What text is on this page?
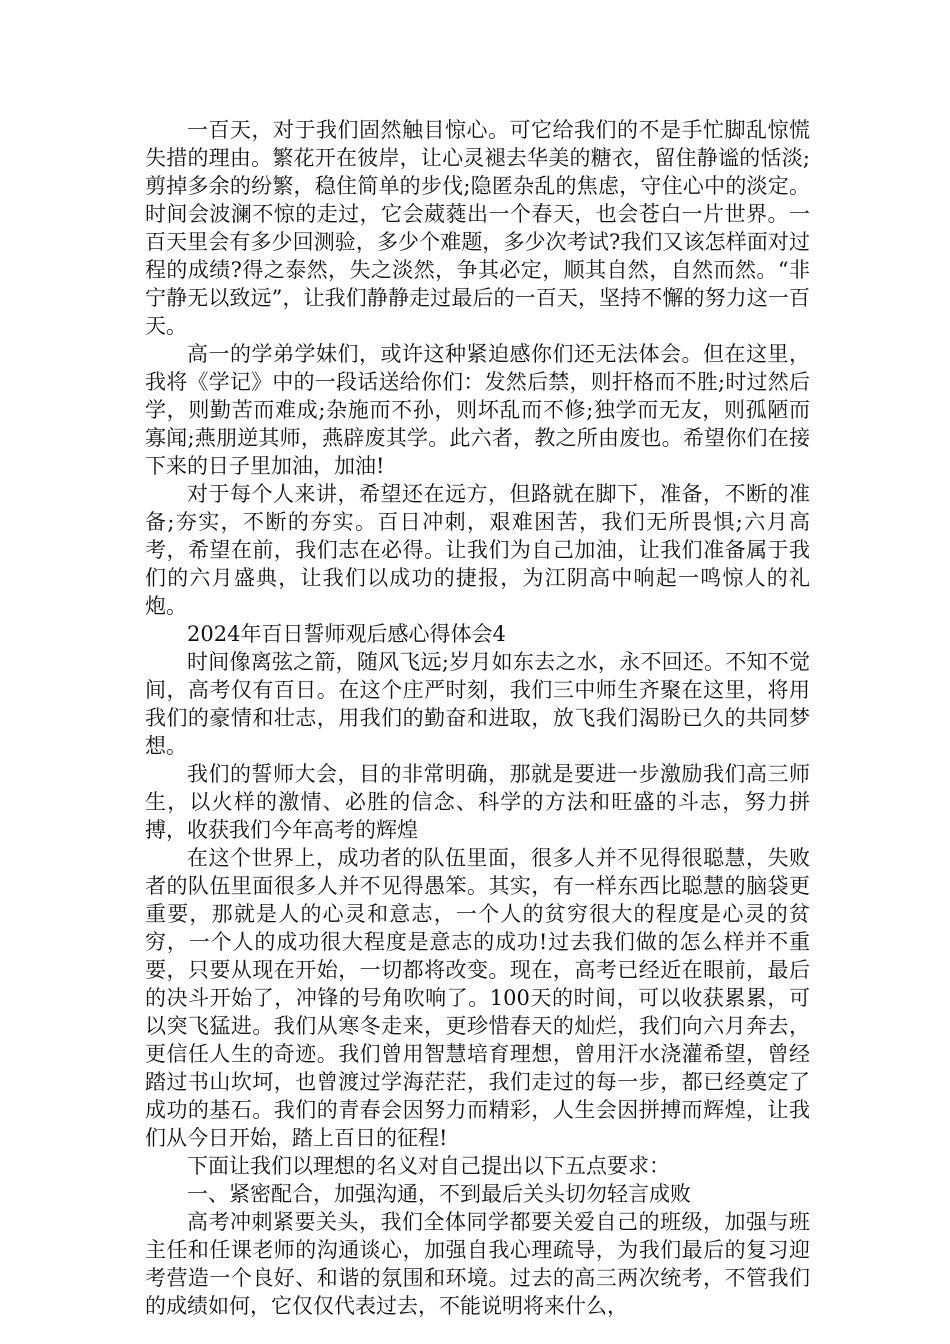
一百天，对于我们固然触目惊心。可它给我们的不是手忙脚乱惊慌失措的理由。繁花开在彼岸，让心灵褪去华美的糖衣，留住静谧的恬淡;剪掉多余的纷繁，稳住简单的步伐;隐匿杂乱的焦虑，守住心中的淡定。时间会波澜不惊的走过，它会葳蕤出一个春天，也会苍白一片世界。一百天里会有多少回测验，多少个难题，多少次考试?我们又该怎样面对过程的成绩?得之泰然，失之淡然，争其必定，顺其自然，自然而然。“非宁静无以致远”，让我们静静走过最后的一百天，坚持不懈的努力这一百天。

高一的学弟学妹们，或许这种紧迫感你们还无法体会。但在这里，我将《学记》中的一段话送给你们：发然后禁，则扞格而不胜;时过然后学，则勤苦而难成;杂施而不孙，则坏乱而不修;独学而无友，则孤陋而寡闻;燕朋逆其师，燕辟废其学。此六者，教之所由废也。希望你们在接下来的日子里加油，加油!

对于每个人来讲，希望还在远方，但路就在脚下，准备，不断的准备;夯实，不断的夯实。百日冲刺，艰难困苦，我们无所畏惧;六月高考，希望在前，我们志在必得。让我们为自己加油，让我们准备属于我们的六月盛典，让我们以成功的捷报，为江阴高中响起一鸣惊人的礼炮。

2024年百日誓师观后感心得体会4

时间像离弦之箭，随风飞远;岁月如东去之水，永不回还。不知不觉间，高考仅有百日。在这个庄严时刻，我们三中师生齐聚在这里，将用我们的豪情和壮志，用我们的勤奋和进取，放飞我们渴盼已久的共同梦想。

我们的誓师大会，目的非常明确，那就是要进一步激励我们高三师生，以火样的激情、必胜的信念、科学的方法和旺盛的斗志，努力拼搏，收获我们今年高考的辉煌

在这个世界上，成功者的队伍里面，很多人并不见得很聪慧，失败者的队伍里面很多人并不见得愚笨。其实，有一样东西比聪慧的脑袋更重要，那就是人的心灵和意志，一个人的贫穷很大的程度是心灵的贫穷，一个人的成功很大程度是意志的成功!过去我们做的怎么样并不重要，只要从现在开始，一切都将改变。现在，高考已经近在眼前，最后的决斗开始了，冲锋的号角吹响了。100天的时间，可以收获累累，可以突飞猛进。我们从寒冬走来，更珍惜春天的灿烂，我们向六月奔去，更信任人生的奇迹。我们曾用智慧培育理想，曾用汗水浇灌希望，曾经踏过书山坎坷，也曾渡过学海茫茫，我们走过的每一步，都已经奠定了成功的基石。我们的青春会因努力而精彩，人生会因拼搏而辉煌，让我们从今日开始，踏上百日的征程!

下面让我们以理想的名义对自己提出以下五点要求：

一、紧密配合，加强沟通，不到最后关头切勿轻言成败

高考冲刺紧要关头，我们全体同学都要关爱自己的班级，加强与班主任和任课老师的沟通谈心，加强自我心理疏导，为我们最后的复习迎考营造一个良好、和谐的氛围和环境。过去的高三两次统考，不管我们的成绩如何，它仅仅代表过去，不能说明将来什么，
